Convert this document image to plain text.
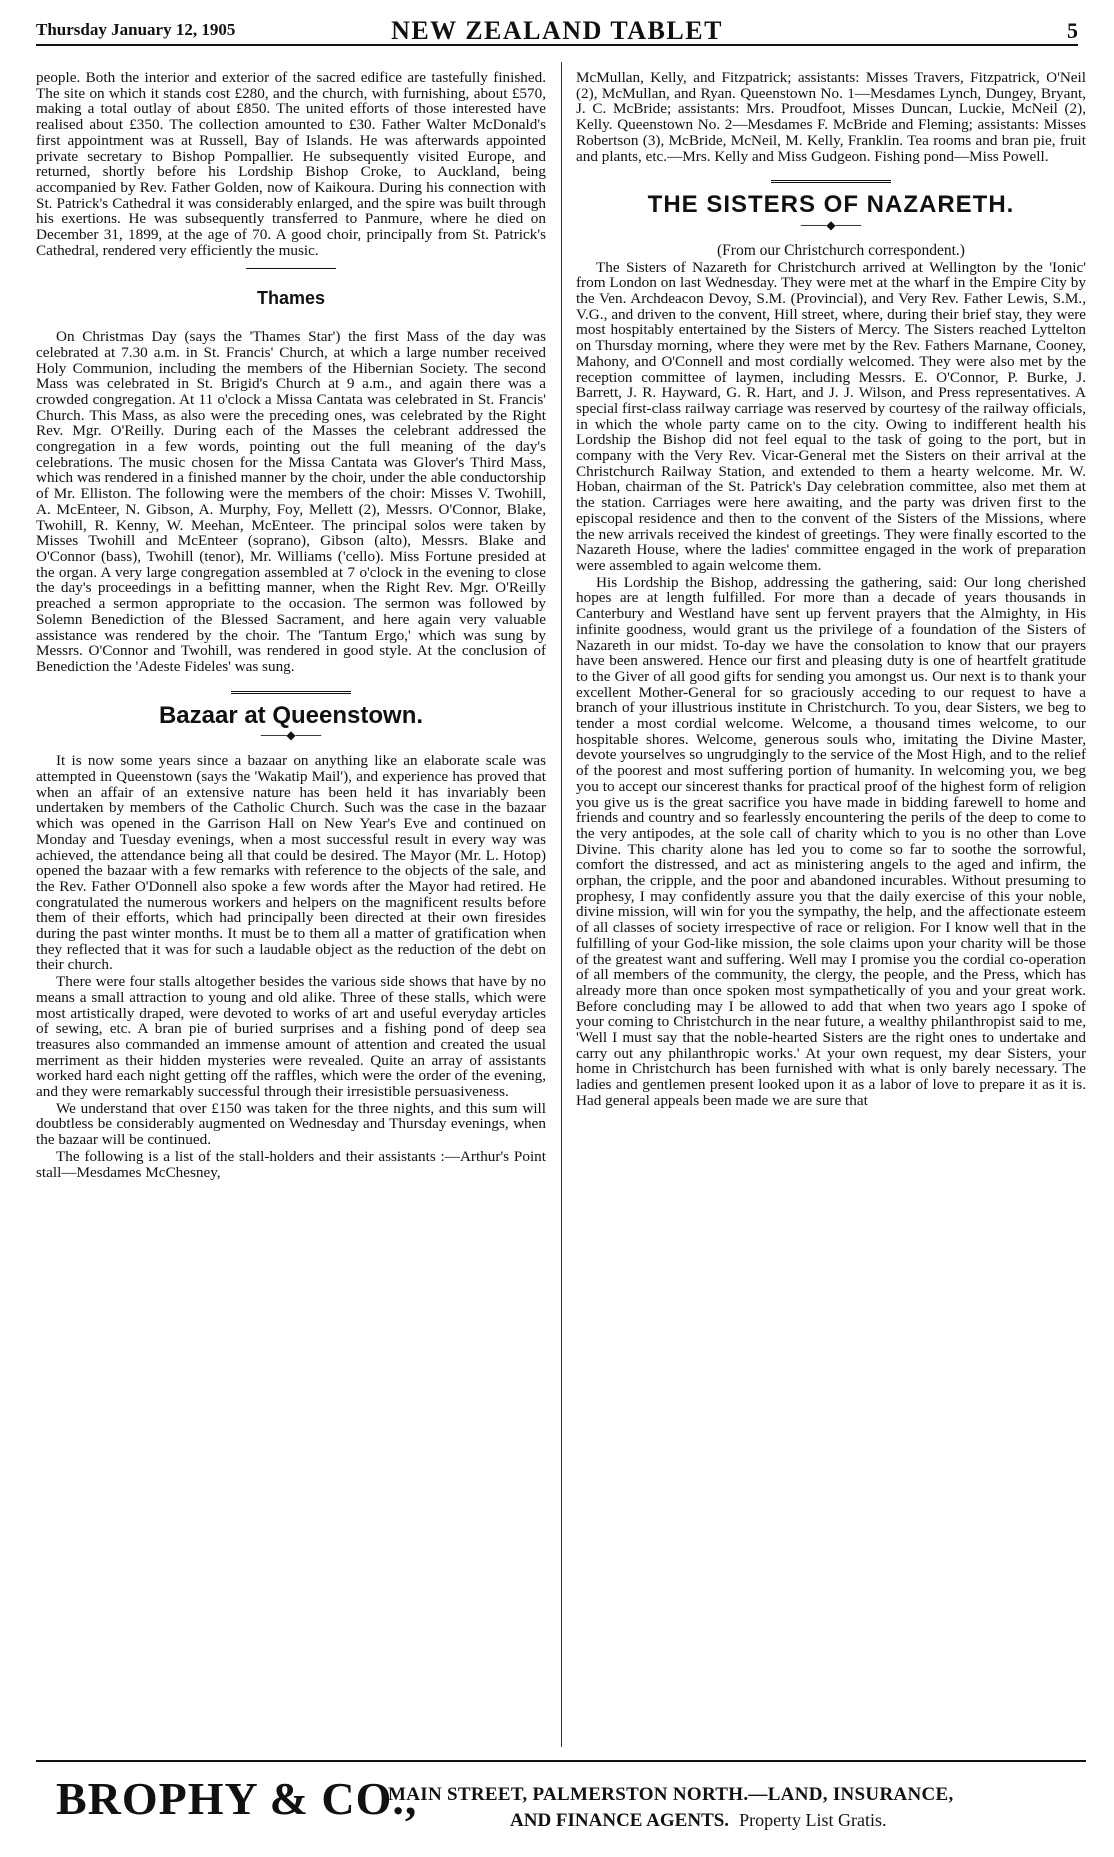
Thursday January 12, 1905	NEW ZEALAND TABLET	5

people. Both the interior and exterior of the sacred edifice are tastefully finished. The site on which it stands cost £280, and the church, with furnishing, about £570, making a total outlay of about £850. The united efforts of those interested have realised about £350. The collection amounted to £30. Father Walter McDonald's first appointment was at Russell, Bay of Islands. He was afterwards appointed private secretary to Bishop Pompallier. He subsequently visited Europe, and returned, shortly before his Lordship Bishop Croke, to Auckland, being accompanied by Rev. Father Golden, now of Kaikoura. During his connection with St. Patrick's Cathedral it was considerably enlarged, and the spire was built through his exertions. He was subsequently transferred to Panmure, where he died on December 31, 1899, at the age of 70. A good choir, principally from St. Patrick's Cathedral, rendered very efficiently the music.

Thames

On Christmas Day (says the 'Thames Star') the first Mass of the day was celebrated at 7.30 a.m. in St. Francis' Church, at which a large number received Holy Communion, including the members of the Hibernian Society. The second Mass was celebrated in St. Brigid's Church at 9 a.m., and again there was a crowded congregation. At 11 o'clock a Missa Cantata was celebrated in St. Francis' Church. This Mass, as also were the preceding ones, was celebrated by the Right Rev. Mgr. O'Reilly. During each of the Masses the celebrant addressed the congregation in a few words, pointing out the full meaning of the day's celebrations. The music chosen for the Missa Cantata was Glover's Third Mass, which was rendered in a finished manner by the choir, under the able conductorship of Mr. Elliston. The following were the members of the choir: Misses V. Twohill, A. McEnteer, N. Gibson, A. Murphy, Foy, Mellett (2), Messrs. O'Connor, Blake, Twohill, R. Kenny, W. Meehan, McEnteer. The principal solos were taken by Misses Twohill and McEnteer (soprano), Gibson (alto), Messrs. Blake and O'Connor (bass), Twohill (tenor), Mr. Williams ('cello). Miss Fortune presided at the organ. A very large congregation assembled at 7 o'clock in the evening to close the day's proceedings in a befitting manner, when the Right Rev. Mgr. O'Reilly preached a sermon appropriate to the occasion. The sermon was followed by Solemn Benediction of the Blessed Sacrament, and here again very valuable assistance was rendered by the choir. The 'Tantum Ergo,' which was sung by Messrs. O'Connor and Twohill, was rendered in good style. At the conclusion of Benediction the 'Adeste Fideles' was sung.

Bazaar at Queenstown.
───◆───

It is now some years since a bazaar on anything like an elaborate scale was attempted in Queenstown (says the 'Wakatip Mail'), and experience has proved that when an affair of an extensive nature has been held it has invariably been undertaken by members of the Catholic Church. Such was the case in the bazaar which was opened in the Garrison Hall on New Year's Eve and continued on Monday and Tuesday evenings, when a most successful result in every way was achieved, the attendance being all that could be desired. The Mayor (Mr. L. Hotop) opened the bazaar with a few remarks with reference to the objects of the sale, and the Rev. Father O'Donnell also spoke a few words after the Mayor had retired. He congratulated the numerous workers and helpers on the magnificent results before them of their efforts, which had principally been directed at their own firesides during the past winter months. It must be to them all a matter of gratification when they reflected that it was for such a laudable object as the reduction of the debt on their church.

There were four stalls altogether besides the various side shows that have by no means a small attraction to young and old alike. Three of these stalls, which were most artistically draped, were devoted to works of art and useful everyday articles of sewing, etc. A bran pie of buried surprises and a fishing pond of deep sea treasures also commanded an immense amount of attention and created the usual merriment as their hidden mysteries were revealed. Quite an array of assistants worked hard each night getting off the raffles, which were the order of the evening, and they were remarkably successful through their irresistible persuasiveness.

We understand that over £150 was taken for the three nights, and this sum will doubtless be considerably augmented on Wednesday and Thursday evenings, when the bazaar will be continued.

The following is a list of the stall-holders and their assistants :—Arthur's Point stall—Mesdames McChesney,

McMullan, Kelly, and Fitzpatrick; assistants: Misses Travers, Fitzpatrick, O'Neil (2), McMullan, and Ryan. Queenstown No. 1—Mesdames Lynch, Dungey, Bryant, J. C. McBride; assistants: Mrs. Proudfoot, Misses Duncan, Luckie, McNeil (2), Kelly. Queenstown No. 2—Mesdames F. McBride and Fleming; assistants: Misses Robertson (3), McBride, McNeil, M. Kelly, Franklin. Tea rooms and bran pie, fruit and plants, etc.—Mrs. Kelly and Miss Gudgeon. Fishing pond—Miss Powell.

THE SISTERS OF NAZARETH.
───◆───

(From our Christchurch correspondent.)

The Sisters of Nazareth for Christchurch arrived at Wellington by the 'Ionic' from London on last Wednesday. They were met at the wharf in the Empire City by the Ven. Archdeacon Devoy, S.M. (Provincial), and Very Rev. Father Lewis, S.M., V.G., and driven to the convent, Hill street, where, during their brief stay, they were most hospitably entertained by the Sisters of Mercy. The Sisters reached Lyttelton on Thursday morning, where they were met by the Rev. Fathers Marnane, Cooney, Mahony, and O'Connell and most cordially welcomed. They were also met by the reception committee of laymen, including Messrs. E. O'Connor, P. Burke, J. Barrett, J. R. Hayward, G. R. Hart, and J. J. Wilson, and Press representatives. A special first-class railway carriage was reserved by courtesy of the railway officials, in which the whole party came on to the city. Owing to indifferent health his Lordship the Bishop did not feel equal to the task of going to the port, but in company with the Very Rev. Vicar-General met the Sisters on their arrival at the Christchurch Railway Station, and extended to them a hearty welcome. Mr. W. Hoban, chairman of the St. Patrick's Day celebration committee, also met them at the station. Carriages were here awaiting, and the party was driven first to the episcopal residence and then to the convent of the Sisters of the Missions, where the new arrivals received the kindest of greetings. They were finally escorted to the Nazareth House, where the ladies' committee engaged in the work of preparation were assembled to again welcome them.

His Lordship the Bishop, addressing the gathering, said: Our long cherished hopes are at length fulfilled. For more than a decade of years thousands in Canterbury and Westland have sent up fervent prayers that the Almighty, in His infinite goodness, would grant us the privilege of a foundation of the Sisters of Nazareth in our midst. To-day we have the consolation to know that our prayers have been answered. Hence our first and pleasing duty is one of heartfelt gratitude to the Giver of all good gifts for sending you amongst us. Our next is to thank your excellent Mother-General for so graciously acceding to our request to have a branch of your illustrious institute in Christchurch. To you, dear Sisters, we beg to tender a most cordial welcome. Welcome, a thousand times welcome, to our hospitable shores. Welcome, generous souls who, imitating the Divine Master, devote yourselves so ungrudgingly to the service of the Most High, and to the relief of the poorest and most suffering portion of humanity. In welcoming you, we beg you to accept our sincerest thanks for practical proof of the highest form of religion you give us is the great sacrifice you have made in bidding farewell to home and friends and country and so fearlessly encountering the perils of the deep to come to the very antipodes, at the sole call of charity which to you is no other than Love Divine. This charity alone has led you to come so far to soothe the sorrowful, comfort the distressed, and act as ministering angels to the aged and infirm, the orphan, the cripple, and the poor and abandoned incurables. Without presuming to prophesy, I may confidently assure you that the daily exercise of this your noble, divine mission, will win for you the sympathy, the help, and the affectionate esteem of all classes of society irrespective of race or religion. For I know well that in the fulfilling of your God-like mission, the sole claims upon your charity will be those of the greatest want and suffering. Well may I promise you the cordial co-operation of all members of the community, the clergy, the people, and the Press, which has already more than once spoken most sympathetically of you and your great work. Before concluding may I be allowed to add that when two years ago I spoke of your coming to Christchurch in the near future, a wealthy philanthropist said to me, 'Well I must say that the noble-hearted Sisters are the right ones to undertake and carry out any philanthropic works.' At your own request, my dear Sisters, your home in Christchurch has been furnished with what is only barely necessary. The ladies and gentlemen present looked upon it as a labor of love to prepare it as it is. Had general appeals been made we are sure that

BROPHY & CO.,
MAIN STREET, PALMERSTON NORTH.—LAND, INSURANCE,
AND FINANCE AGENTS. Property List Gratis.
